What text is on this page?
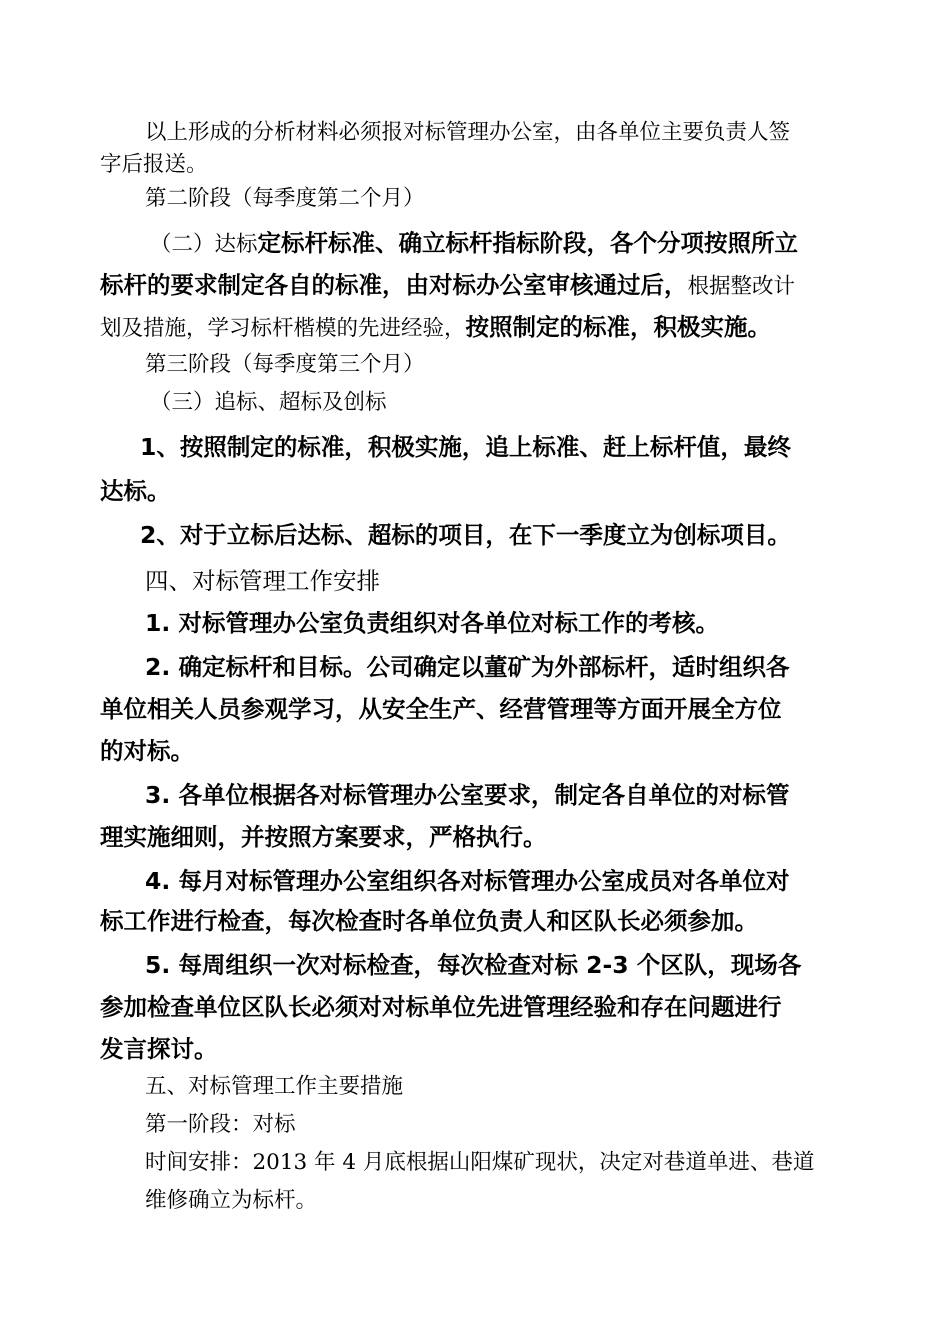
以上形成的分析材料必须报对标管理办公室，由各单位主要负责人签
字后报送。
第二阶段（每季度第二个月）
（二）达标定标杆标准、确立标杆指标阶段，各个分项按照所立
标杆的要求制定各自的标准，由对标办公室审核通过后，根据整改计
划及措施，学习标杆楷模的先进经验，按照制定的标准，积极实施。
第三阶段（每季度第三个月）
（三）追标、超标及创标
1、按照制定的标准，积极实施，追上标准、赶上标杆值，最终
达标。
2、对于立标后达标、超标的项目，在下一季度立为创标项目。
四、对标管理工作安排
1. 对标管理办公室负责组织对各单位对标工作的考核。
2. 确定标杆和目标。公司确定以董矿为外部标杆，适时组织各
单位相关人员参观学习，从安全生产、经营管理等方面开展全方位
的对标。
3. 各单位根据各对标管理办公室要求，制定各自单位的对标管
理实施细则，并按照方案要求，严格执行。
4. 每月对标管理办公室组织各对标管理办公室成员对各单位对
标工作进行检查，每次检查时各单位负责人和区队长必须参加。
5. 每周组织一次对标检查，每次检查对标 2-3 个区队，现场各
参加检查单位区队长必须对对标单位先进管理经验和存在问题进行
发言探讨。
五、对标管理工作主要措施
第一阶段：对标
时间安排：2013 年 4 月底根据山阳煤矿现状，决定对巷道单进、巷道
维修确立为标杆。
